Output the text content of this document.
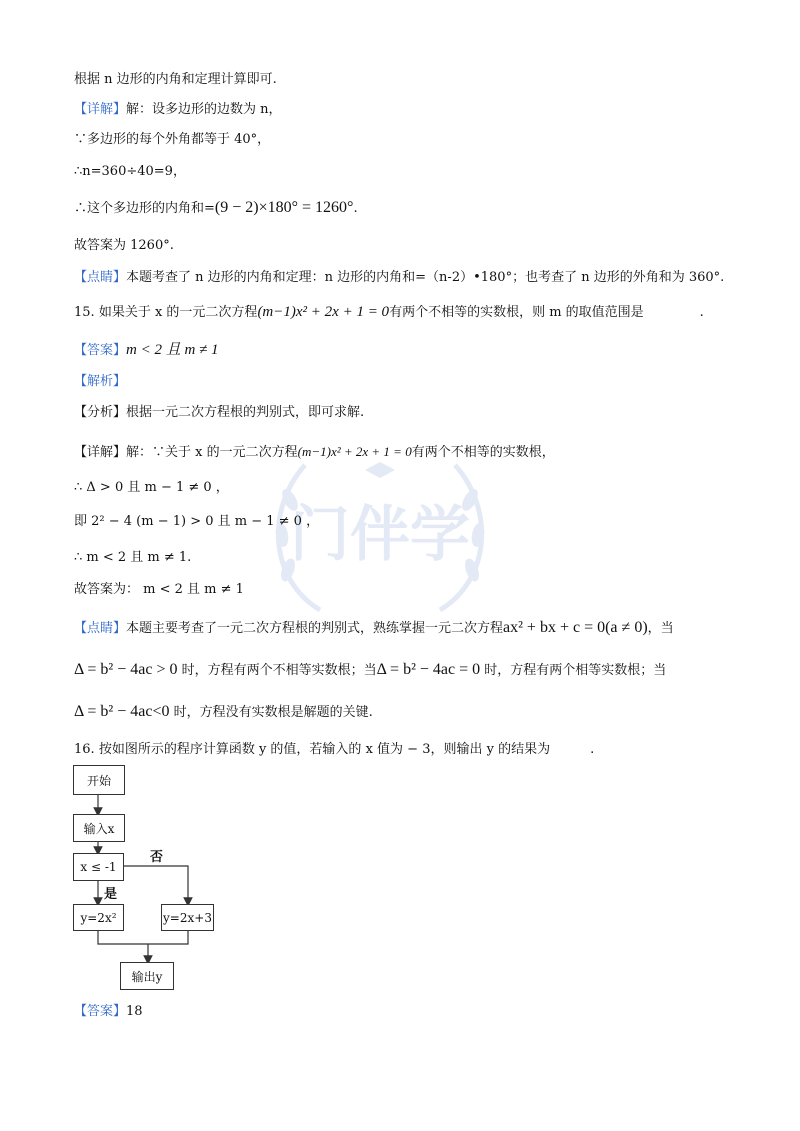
门伴学
根据 n 边形的内角和定理计算即可.
【详解】解：设多边形的边数为 n，
∵多边形的每个外角都等于 40°，
∴n=360÷40=9，
∴这个多边形的内角和=(9 − 2)×180° = 1260°.
故答案为 1260°.
【点睛】本题考查了 n 边形的内角和定理：n 边形的内角和=（n-2）•180°；也考查了 n 边形的外角和为 360°.
15. 如果关于 x 的一元二次方程(m−1)x² + 2x + 1 = 0有两个不相等的实数根，则 m 的取值范围是	.
【答案】m < 2 且 m ≠ 1
【解析】
【分析】根据一元二次方程根的判别式，即可求解.
【详解】解：∵关于 x 的一元二次方程(m−1)x² + 2x + 1 = 0有两个不相等的实数根，
∴ Δ > 0 且 m − 1 ≠ 0 ，
即 2² − 4 (m − 1) > 0 且 m − 1 ≠ 0 ，
∴ m < 2 且 m ≠ 1.
故答案为： m < 2 且 m ≠ 1
【点睛】本题主要考查了一元二次方程根的判别式，熟练掌握一元二次方程ax² + bx + c = 0(a ≠ 0)，当
Δ = b² − 4ac > 0 时，方程有两个不相等实数根；当Δ = b² − 4ac = 0 时，方程有两个相等实数根；当
Δ = b² − 4ac<0 时，方程没有实数根是解题的关键.
16. 按如图所示的程序计算函数 y 的值，若输入的 x 值为 − 3，则输出 y 的结果为	.
开始
输入x
x ≤ -1
否
是
y=2x²	y=2x+3
输出y
【答案】18
